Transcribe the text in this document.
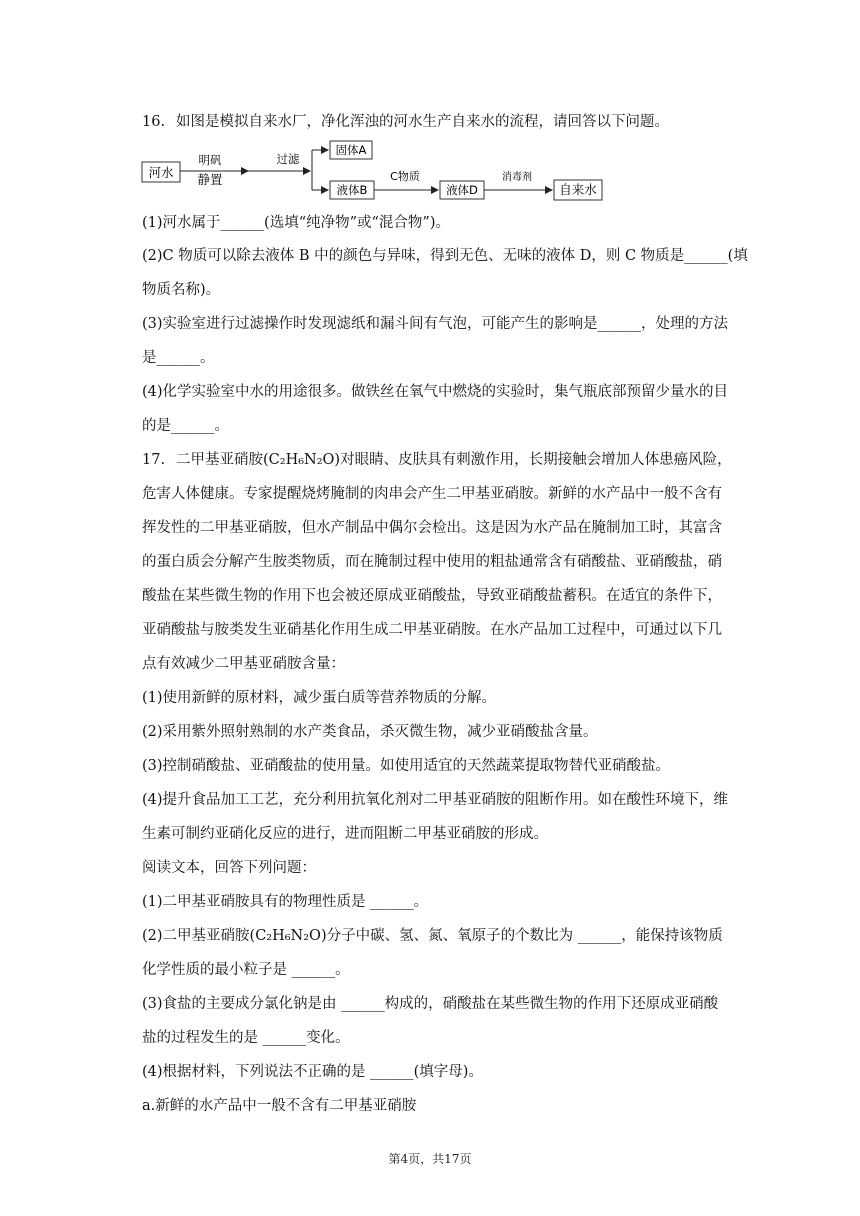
16. 如图是模拟自来水厂，净化浑浊的河水生产自来水的流程，请回答以下问题。
河水
明矾
静置
过滤
固体A
液体B
C物质
液体D
消毒剂
自来水
(1)河水属于______(选填“纯净物”或“混合物”)。
(2)C 物质可以除去液体 B 中的颜色与异味，得到无色、无味的液体 D，则 C 物质是______(填
物质名称)。
(3)实验室进行过滤操作时发现滤纸和漏斗间有气泡，可能产生的影响是______，处理的方法
是______。
(4)化学实验室中水的用途很多。做铁丝在氧气中燃烧的实验时，集气瓶底部预留少量水的目
的是______。
17. 二甲基亚硝胺(C₂H₆N₂O)对眼睛、皮肤具有刺激作用，长期接触会增加人体患癌风险，
危害人体健康。专家提醒烧烤腌制的肉串会产生二甲基亚硝胺。新鲜的水产品中一般不含有
挥发性的二甲基亚硝胺，但水产制品中偶尔会检出。这是因为水产品在腌制加工时，其富含
的蛋白质会分解产生胺类物质，而在腌制过程中使用的粗盐通常含有硝酸盐、亚硝酸盐，硝
酸盐在某些微生物的作用下也会被还原成亚硝酸盐，导致亚硝酸盐蓄积。在适宜的条件下，
亚硝酸盐与胺类发生亚硝基化作用生成二甲基亚硝胺。在水产品加工过程中，可通过以下几
点有效减少二甲基亚硝胺含量：
(1)使用新鲜的原材料，减少蛋白质等营养物质的分解。
(2)采用紫外照射熟制的水产类食品，杀灭微生物，减少亚硝酸盐含量。
(3)控制硝酸盐、亚硝酸盐的使用量。如使用适宜的天然蔬菜提取物替代亚硝酸盐。
(4)提升食品加工工艺，充分利用抗氧化剂对二甲基亚硝胺的阻断作用。如在酸性环境下，维
生素可制约亚硝化反应的进行，进而阻断二甲基亚硝胺的形成。
阅读文本，回答下列问题：
(1)二甲基亚硝胺具有的物理性质是 ______。
(2)二甲基亚硝胺(C₂H₆N₂O)分子中碳、氢、氮、氧原子的个数比为 ______，能保持该物质
化学性质的最小粒子是 ______。
(3)食盐的主要成分氯化钠是由 ______构成的，硝酸盐在某些微生物的作用下还原成亚硝酸
盐的过程发生的是 ______变化。
(4)根据材料，下列说法不正确的是 ______(填字母)。
a.新鲜的水产品中一般不含有二甲基亚硝胺
第4页，共17页
